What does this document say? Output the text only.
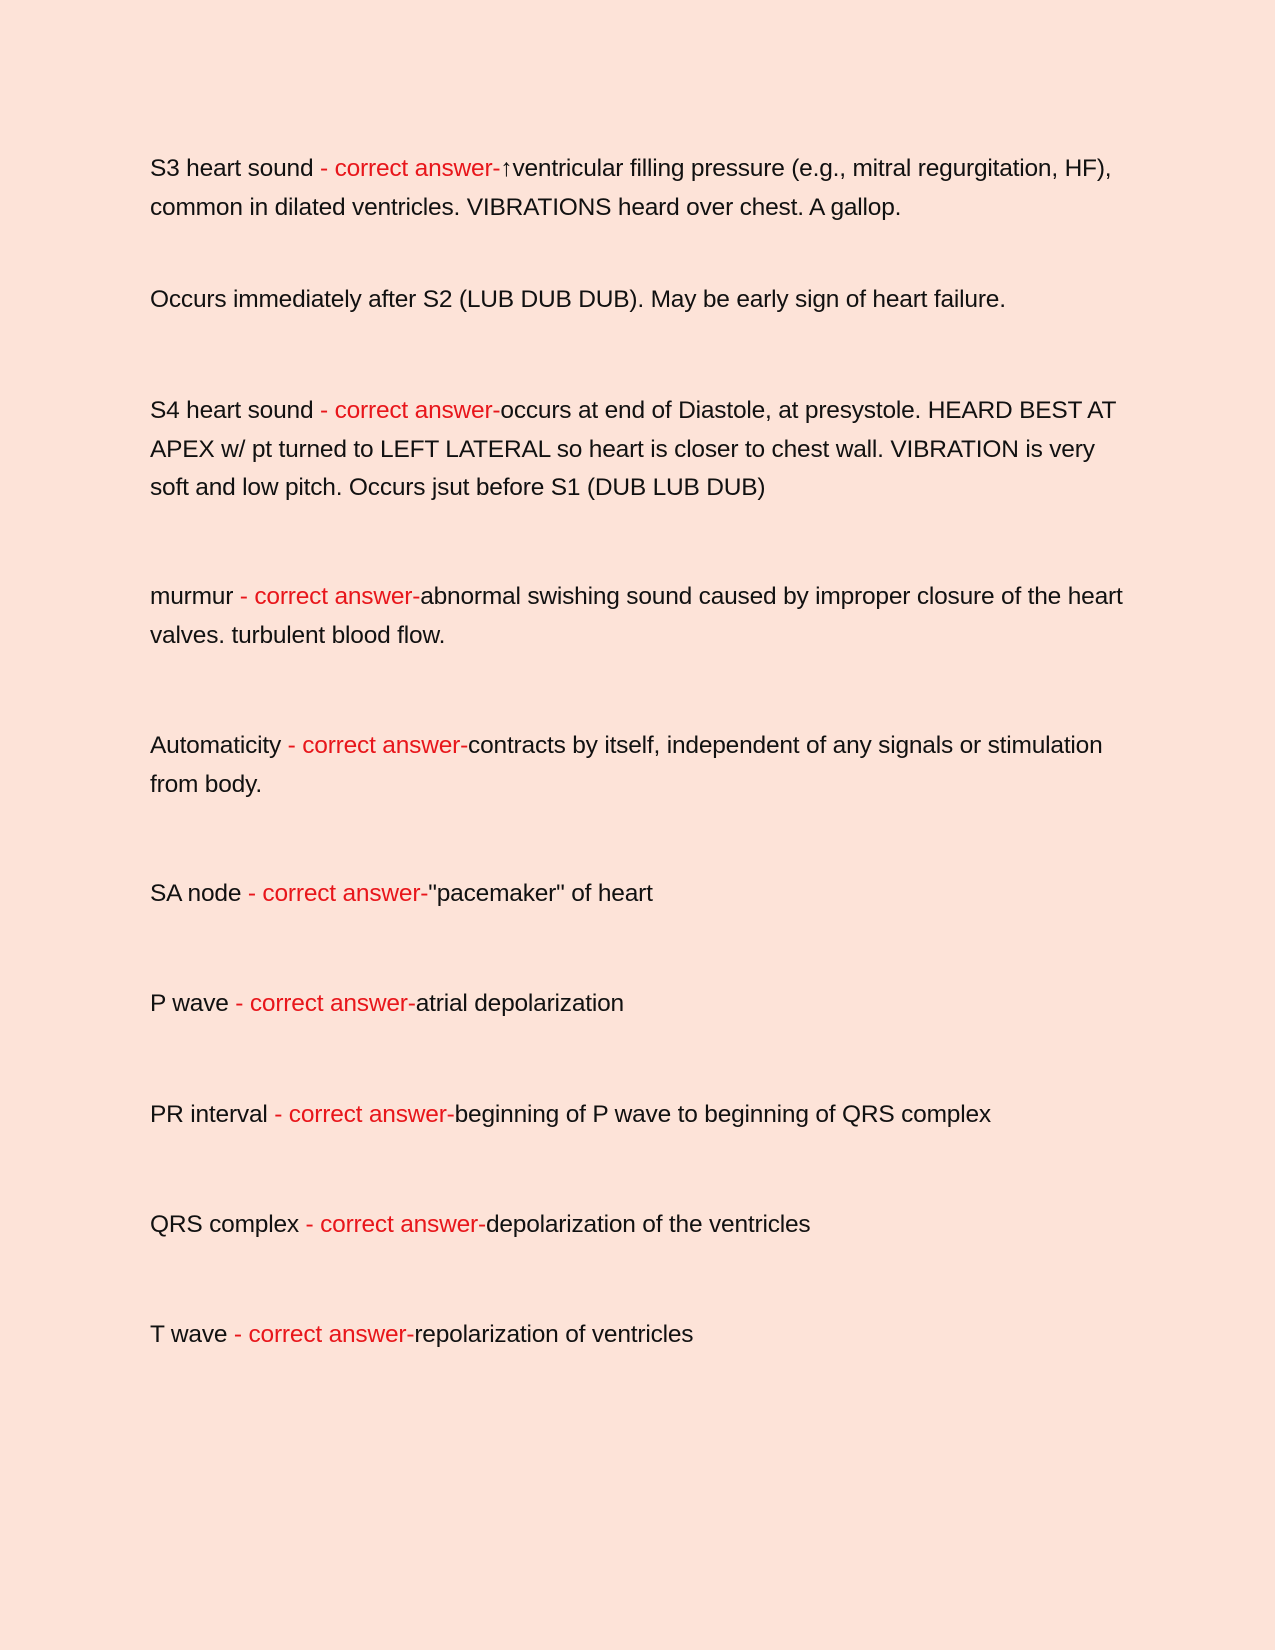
S3 heart sound - correct answer-↑ventricular filling pressure (e.g., mitral regurgitation, HF), common in dilated ventricles. VIBRATIONS heard over chest. A gallop.

Occurs immediately after S2 (LUB DUB DUB). May be early sign of heart failure.

S4 heart sound - correct answer-occurs at end of Diastole, at presystole. HEARD BEST AT APEX w/ pt turned to LEFT LATERAL so heart is closer to chest wall. VIBRATION is very soft and low pitch. Occurs jsut before S1 (DUB LUB DUB)

murmur - correct answer-abnormal swishing sound caused by improper closure of the heart valves. turbulent blood flow.

Automaticity - correct answer-contracts by itself, independent of any signals or stimulation from body.

SA node - correct answer-"pacemaker" of heart

P wave - correct answer-atrial depolarization

PR interval - correct answer-beginning of P wave to beginning of QRS complex

QRS complex - correct answer-depolarization of the ventricles

T wave - correct answer-repolarization of ventricles
